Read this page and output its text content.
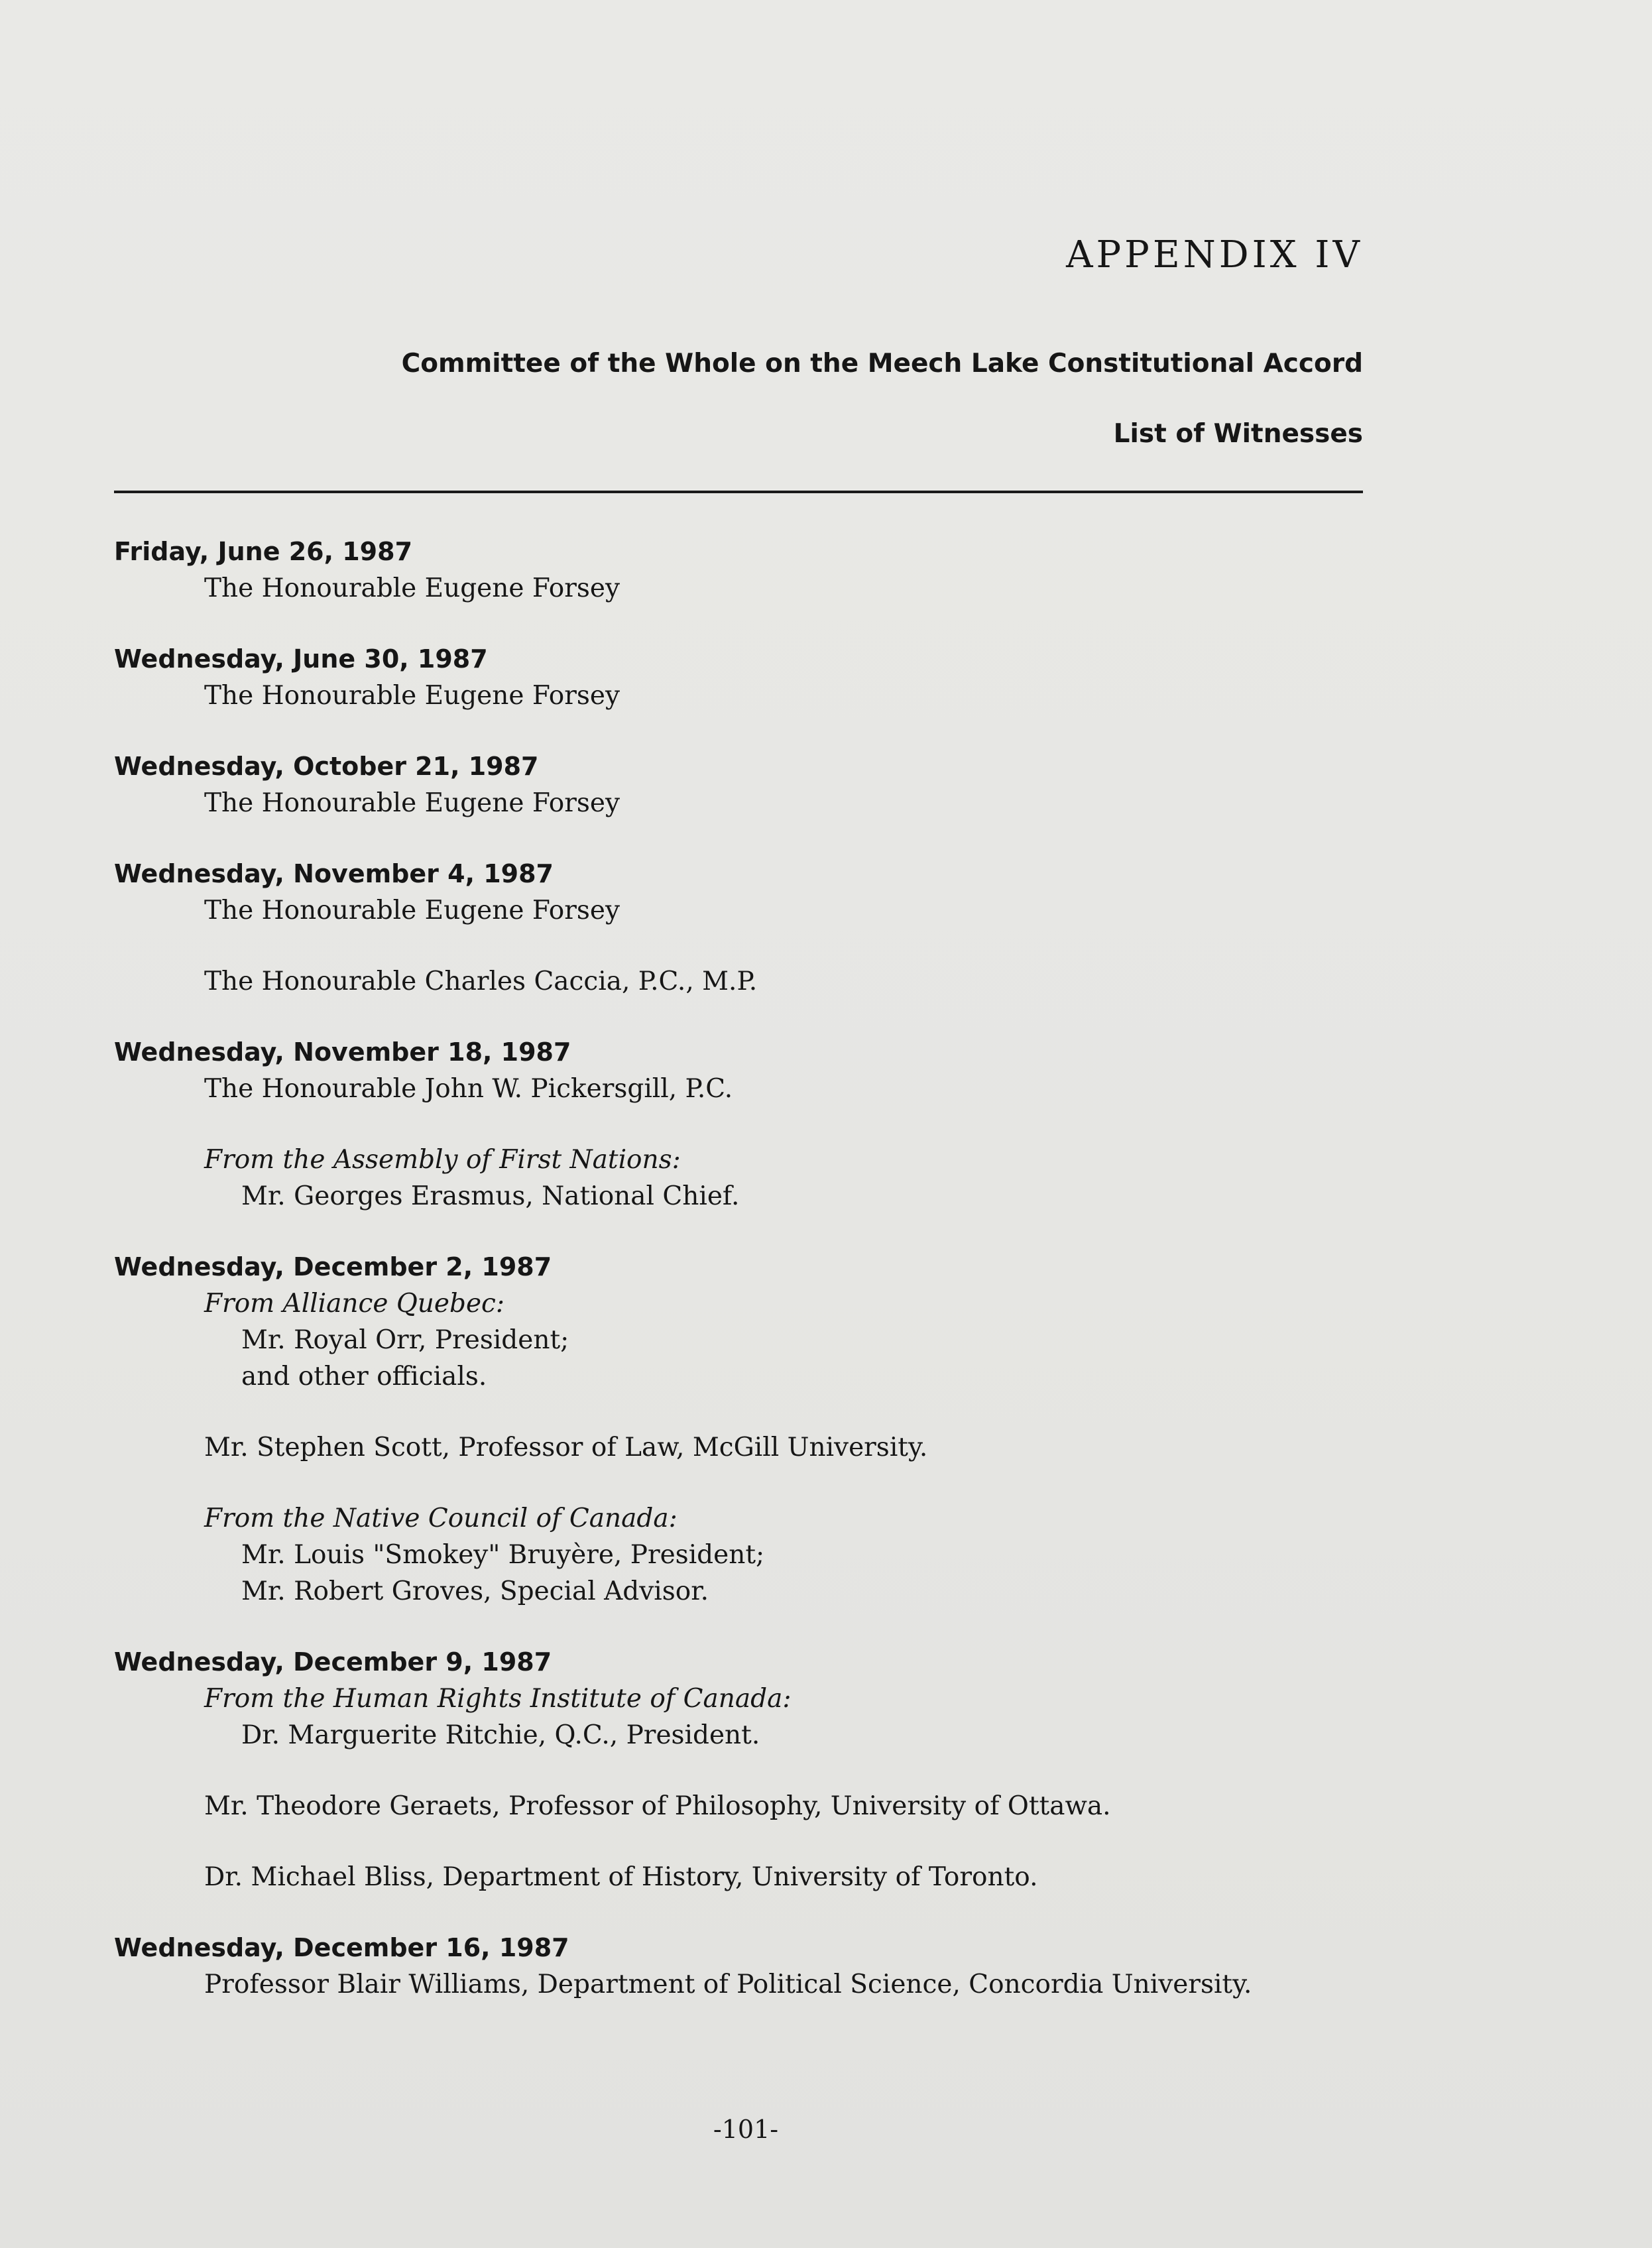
APPENDIX IV
Committee of the Whole on the Meech Lake Constitutional Accord
List of Witnesses
Friday, June 26, 1987
The Honourable Eugene Forsey
Wednesday, June 30, 1987
The Honourable Eugene Forsey
Wednesday, October 21, 1987
The Honourable Eugene Forsey
Wednesday, November 4, 1987
The Honourable Eugene Forsey
The Honourable Charles Caccia, P.C., M.P.
Wednesday, November 18, 1987
The Honourable John W. Pickersgill, P.C.
From the Assembly of First Nations:
Mr. Georges Erasmus, National Chief.
Wednesday, December 2, 1987
From Alliance Quebec:
Mr. Royal Orr, President;
and other officials.
Mr. Stephen Scott, Professor of Law, McGill University.
From the Native Council of Canada:
Mr. Louis "Smokey" Bruyère, President;
Mr. Robert Groves, Special Advisor.
Wednesday, December 9, 1987
From the Human Rights Institute of Canada:
Dr. Marguerite Ritchie, Q.C., President.
Mr. Theodore Geraets, Professor of Philosophy, University of Ottawa.
Dr. Michael Bliss, Department of History, University of Toronto.
Wednesday, December 16, 1987
Professor Blair Williams, Department of Political Science, Concordia University.
-101-
